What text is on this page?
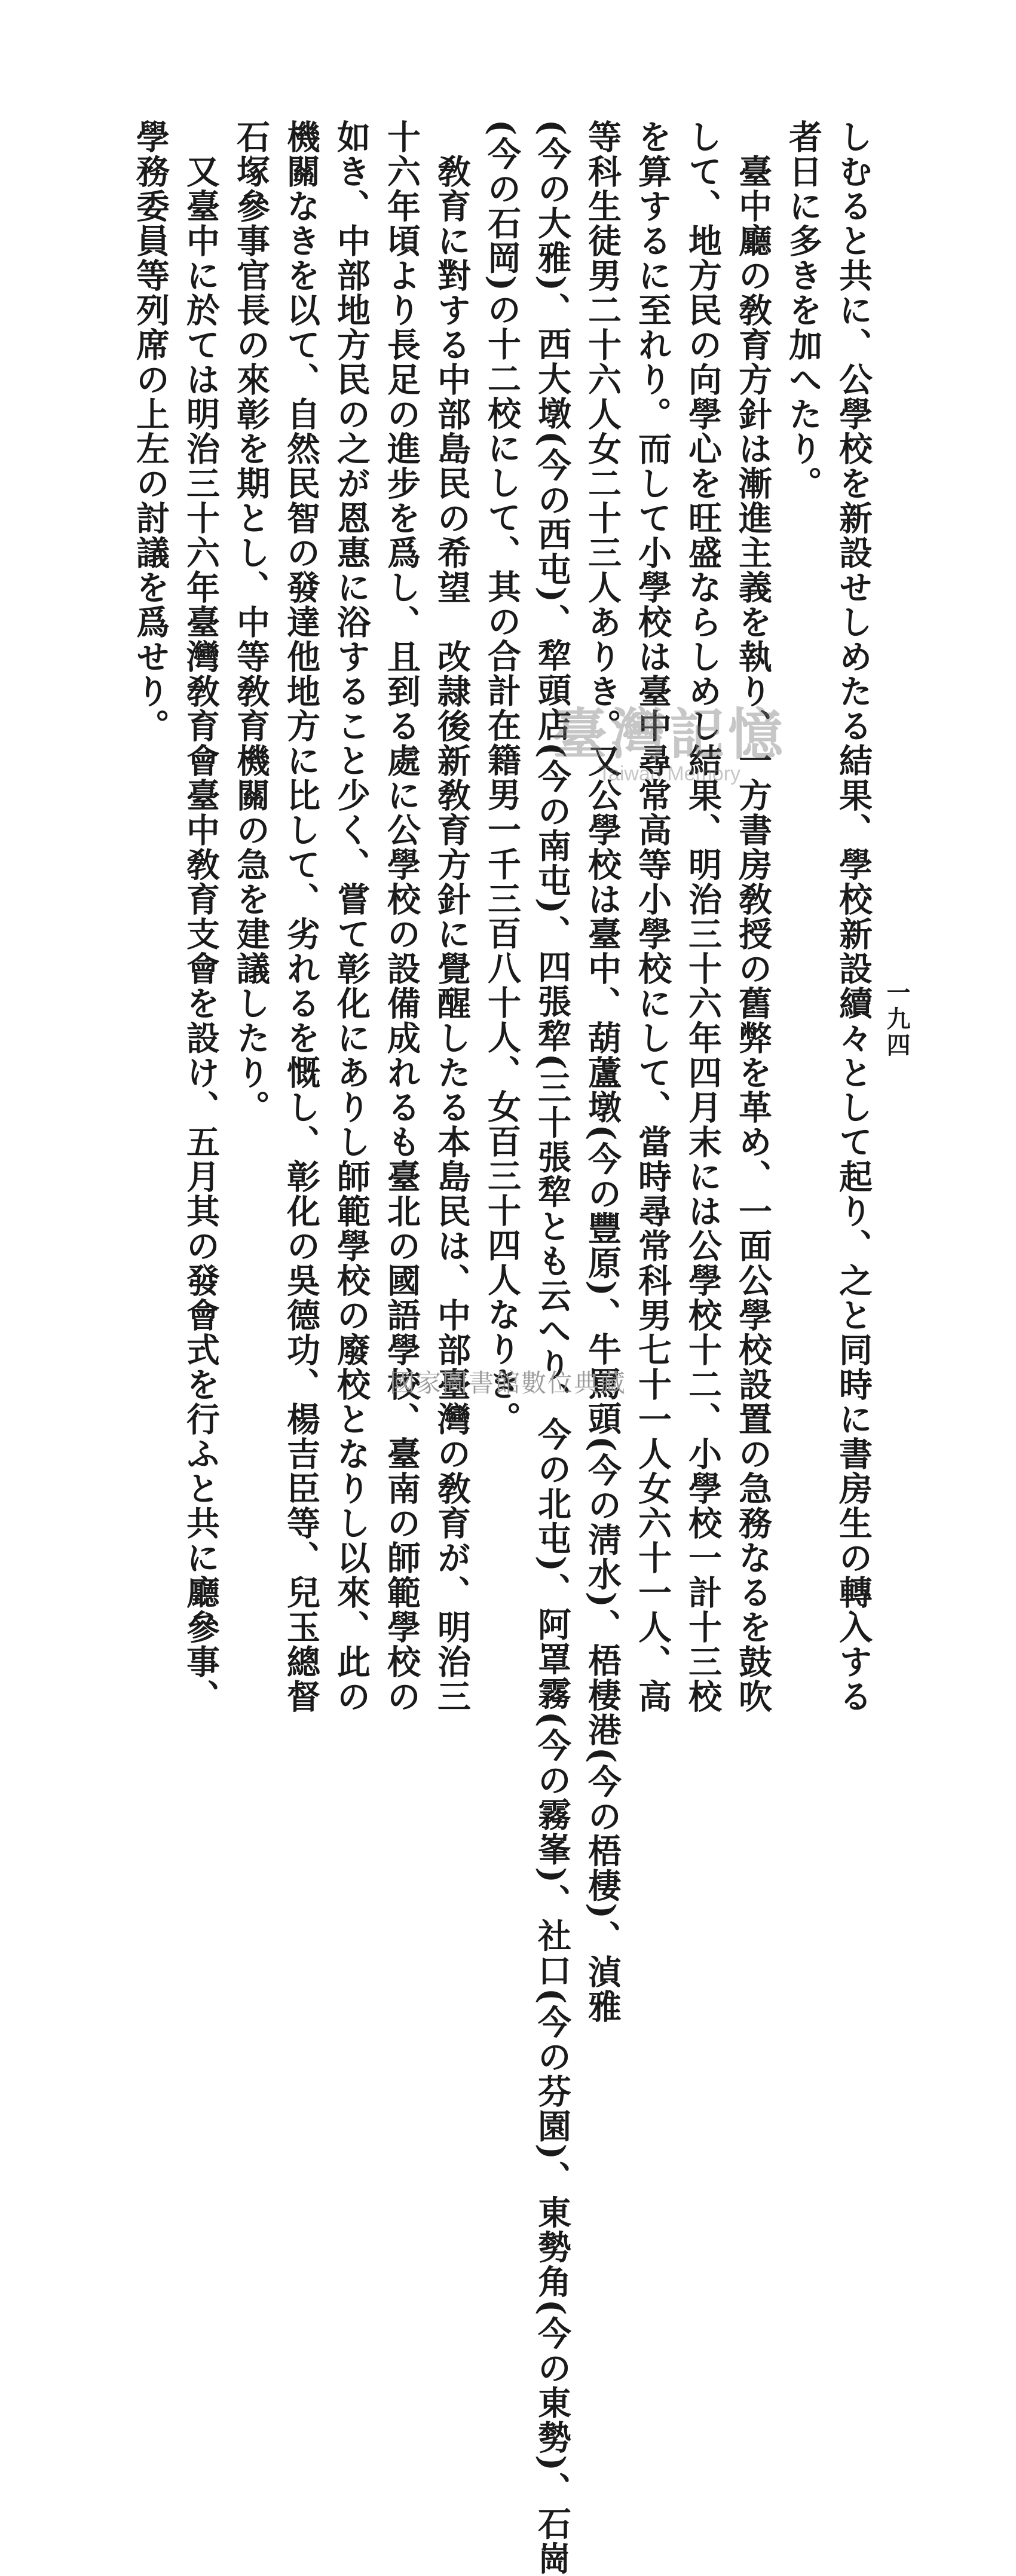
一九四
しむると共に、公學校を新設せしめたる結果、學校新設續々として起り、之と同時に書房生の轉入する
者日に多きを加へたり。
　臺中廳の敎育方針は漸進主義を執り、一方書房敎授の舊弊を革め、一面公學校設置の急務なるを鼓吹
して、地方民の向學心を旺盛ならしめし結果、明治三十六年四月末には公學校十二、小學校一計十三校
を算するに至れり。而して小學校は臺中尋常高等小學校にして、當時尋常科男七十一人女六十一人、高
等科生徒男二十六人女二十三人ありき。又公學校は臺中、葫蘆墩(今の豐原)、牛罵頭(今の淸水)、梧棲港(今の梧棲)、湞雅
(今の大雅)、西大墩(今の西屯)、犂頭店(今の南屯)、四張犂(三十張犂とも云へり、今の北屯)、阿罩霧(今の霧峯)、社口(今の芬園)、東勢角(今の東勢)、石崗
(今の石岡)の十二校にして、其の合計在籍男一千三百八十人、女百三十四人なりき。
　敎育に對する中部島民の希望　改隷後新敎育方針に覺醒したる本島民は、中部臺灣の敎育が、明治三
十六年頃より長足の進步を爲し、且到る處に公學校の設備成れるも臺北の國語學校、臺南の師範學校の
如き、中部地方民の之が恩惠に浴すること少く、嘗て彰化にありし師範學校の廢校となりし以來、此の
機關なきを以て、自然民智の發達他地方に比して、劣れるを慨し、彰化の吳德功、楊吉臣等、兒玉總督
石塚參事官長の來彰を期とし、中等敎育機關の急を建議したり。
　又臺中に於ては明治三十六年臺灣敎育會臺中敎育支會を設け、五月其の發會式を行ふと共に廳參事、
學務委員等列席の上左の討議を爲せり。	臺灣記憶
Taiwan Memory
國家圖書館數位典藏
